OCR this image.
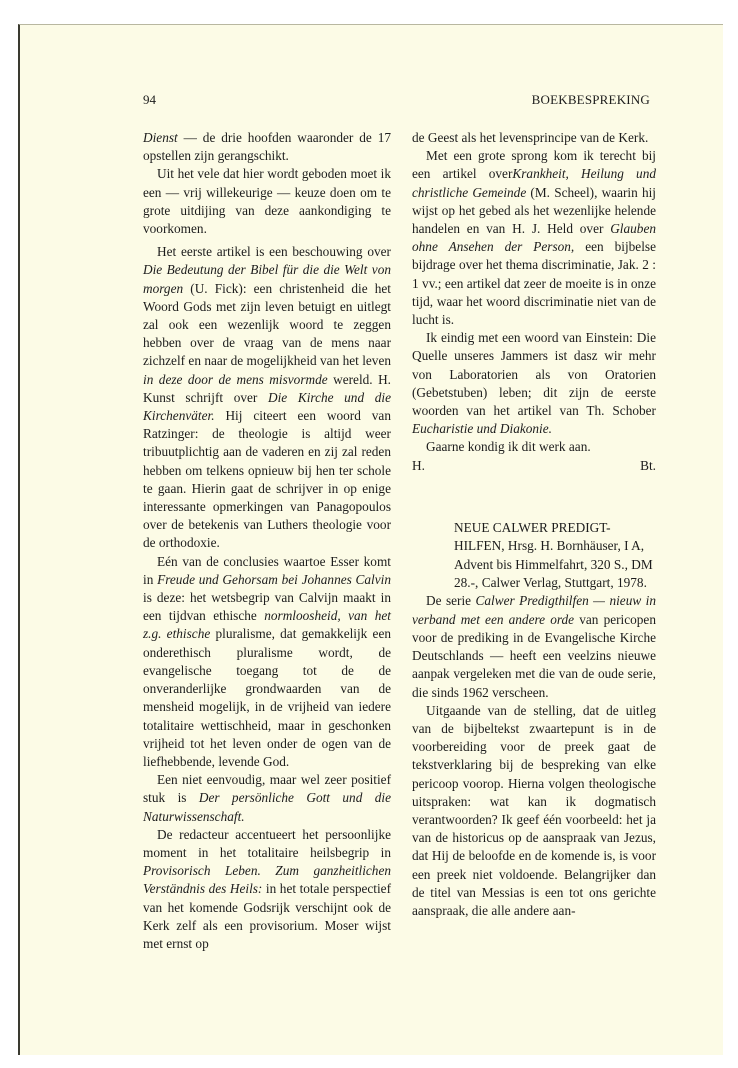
94	BOEKBESPREKING

Dienst — de drie hoofden waaronder de 17 opstellen zijn gerangschikt.

Uit het vele dat hier wordt geboden moet ik een — vrij willekeurige — keuze doen om te grote uitdijing van deze aankondiging te voorkomen.

Het eerste artikel is een beschouwing over Die Bedeutung der Bibel für die die Welt von morgen (U. Fick): een christenheid die het Woord Gods met zijn leven betuigt en uitlegt zal ook een wezenlijk woord te zeggen hebben over de vraag van de mens naar zichzelf en naar de mogelijkheid van het leven in deze door de mens misvormde wereld. H. Kunst schrijft over Die Kirche und die Kirchenväter. Hij citeert een woord van Ratzinger: de theologie is altijd weer tribuutplichtig aan de vaderen en zij zal reden hebben om telkens opnieuw bij hen ter schole te gaan. Hierin gaat de schrijver in op enige interessante opmerkingen van Panagopoulos over de betekenis van Luthers theologie voor de orthodoxie.

Eén van de conclusies waartoe Esser komt in Freude und Gehorsam bei Johannes Calvin is deze: het wetsbegrip van Calvijn maakt in een tijdvan ethische normloosheid, van het z.g. ethische pluralisme, dat gemakkelijk een onderethisch pluralisme wordt, de evangelische toegang tot de de onveranderlijke grondwaarden van de mensheid mogelijk, in de vrijheid van iedere totalitaire wettischheid, maar in geschonken vrijheid tot het leven onder de ogen van de liefhebbende, levende God.

Een niet eenvoudig, maar wel zeer positief stuk is Der persönliche Gott und die Naturwissenschaft.

De redacteur accentueert het persoonlijke moment in het totalitaire heilsbegrip in Provisorisch Leben. Zum ganzheitlichen Verständnis des Heils: in het totale perspectief van het komende Godsrijk verschijnt ook de Kerk zelf als een provisorium. Moser wijst met ernst op

de Geest als het levensprincipe van de Kerk.

Met een grote sprong kom ik terecht bij een artikel overKrankheit, Heilung und christliche Gemeinde (M. Scheel), waarin hij wijst op het gebed als het wezenlijke helende handelen en van H. J. Held over Glauben ohne Ansehen der Person, een bijbelse bijdrage over het thema discriminatie, Jak. 2 : 1 vv.; een artikel dat zeer de moeite is in onze tijd, waar het woord discriminatie niet van de lucht is.

Ik eindig met een woord van Einstein: Die Quelle unseres Jammers ist dasz wir mehr von Laboratorien als von Oratorien (Gebetstuben) leben; dit zijn de eerste woorden van het artikel van Th. Schober Eucharistie und Diakonie.

Gaarne kondig ik dit werk aan.

H.	Bt.

NEUE CALWER PREDIGT-HILFEN, Hrsg. H. Bornhäuser, I A, Advent bis Himmelfahrt, 320 S., DM 28.-, Calwer Verlag, Stuttgart, 1978.

De serie Calwer Predigthilfen — nieuw in verband met een andere orde van pericopen voor de prediking in de Evangelische Kirche Deutschlands — heeft een veelzins nieuwe aanpak vergeleken met die van de oude serie, die sinds 1962 verscheen.

Uitgaande van de stelling, dat de uitleg van de bijbeltekst zwaartepunt is in de voorbereiding voor de preek gaat de tekstverklaring bij de bespreking van elke pericoop voorop. Hierna volgen theologische uitspraken: wat kan ik dogmatisch verantwoorden? Ik geef één voorbeeld: het ja van de historicus op de aanspraak van Jezus, dat Hij de beloofde en de komende is, is voor een preek niet voldoende. Belangrijker dan de titel van Messias is een tot ons gerichte aanspraak, die alle andere aan-
